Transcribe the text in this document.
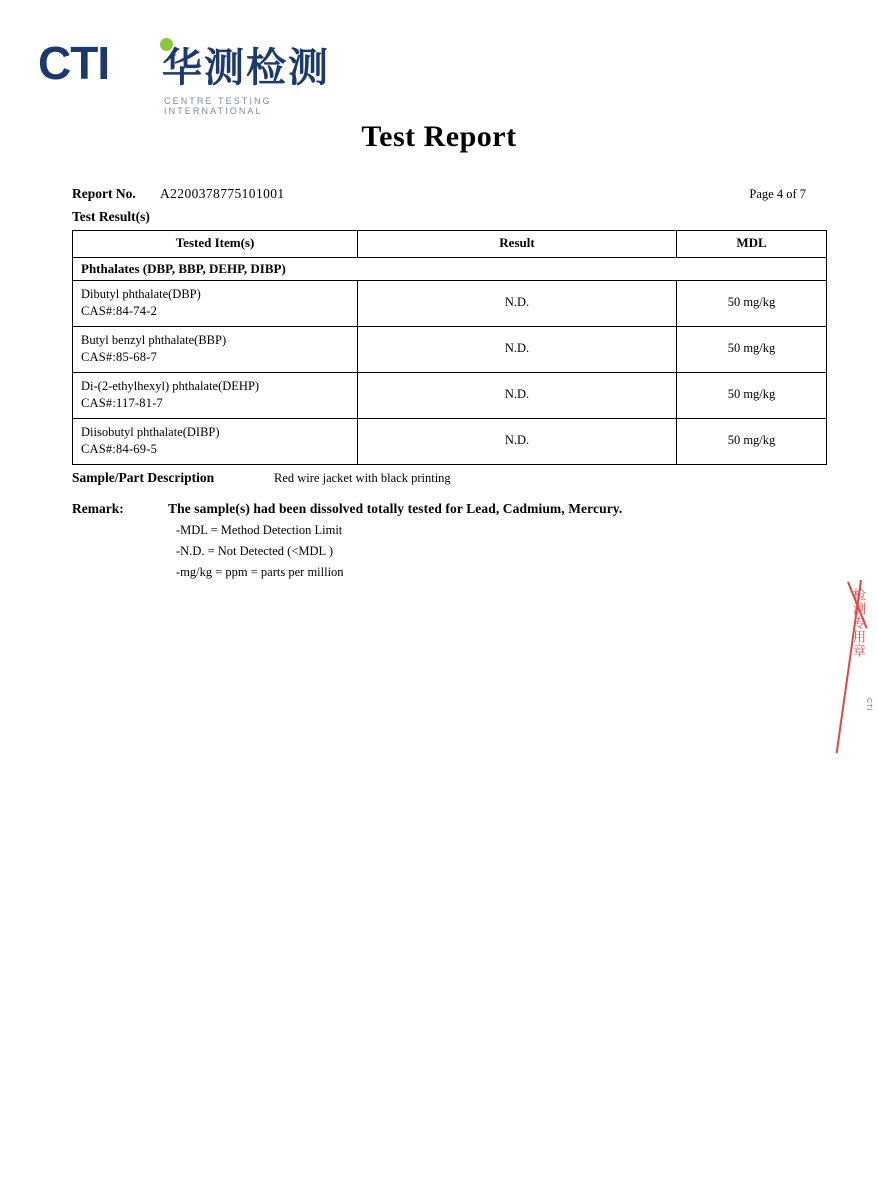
CTI 华测检测
CENTRE TESTING INTERNATIONAL
Test Report
Report No. A2200378775101001	Page 4 of 7
Test Result(s)
Tested Item(s)	Result	MDL
Phthalates (DBP, BBP, DEHP, DIBP)		
Dibutyl phthalate(DBP)
CAS#:84-74-2	N.D.	50 mg/kg
Butyl benzyl phthalate(BBP)
CAS#:85-68-7	N.D.	50 mg/kg
Di-(2-ethylhexyl) phthalate(DEHP)
CAS#:117-81-7	N.D.	50 mg/kg
Diisobutyl phthalate(DIBP)
CAS#:84-69-5	N.D.	50 mg/kg
Sample/Part Description	Red wire jacket with black printing
Remark:	The sample(s) had been dissolved totally tested for Lead, Cadmium, Mercury.
-MDL = Method Detection Limit
-N.D. = Not Detected (<MDL )
-mg/kg = ppm = parts per million
检测专用章
CTI
